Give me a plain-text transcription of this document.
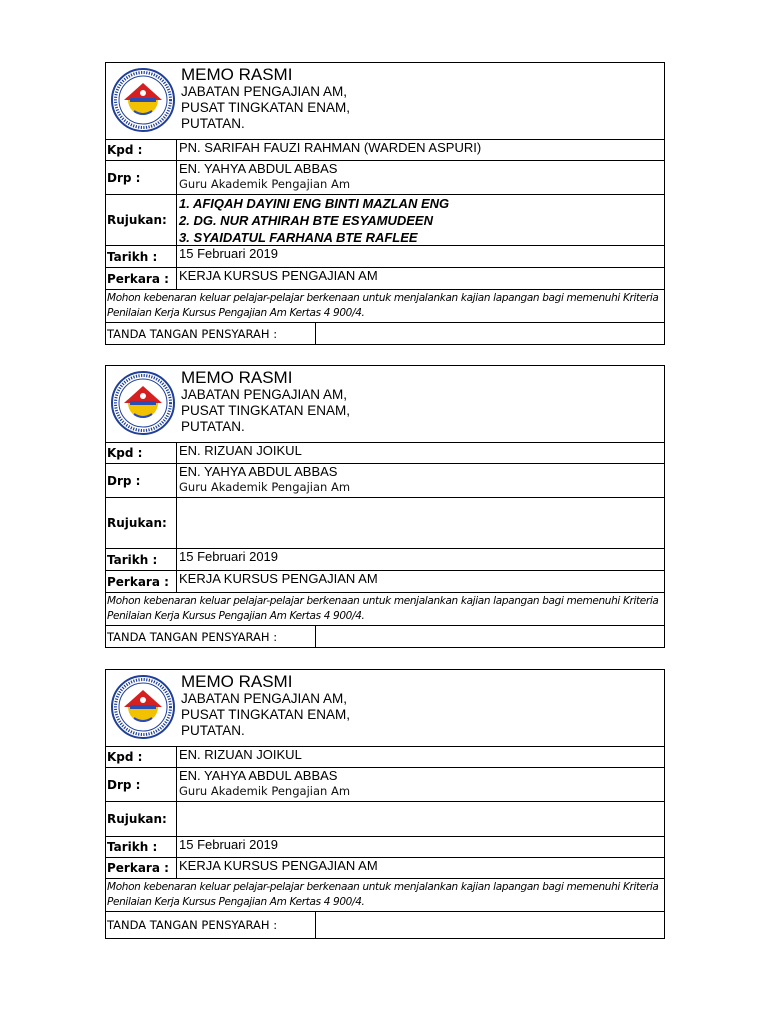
MEMO RASMI
JABATAN PENGAJIAN AM,
PUSAT TINGKATAN ENAM,
PUTATAN.
Kpd :	PN. SARIFAH FAUZI RAHMAN (WARDEN ASPURI)
Drp :
EN. YAHYA ABDUL ABBAS
Guru Akademik Pengajian Am
Rujukan:
1. AFIQAH DAYINI ENG BINTI MAZLAN ENG
2. DG. NUR ATHIRAH BTE ESYAMUDEEN
3. SYAIDATUL FARHANA BTE RAFLEE
Tarikh :	15 Februari 2019
Perkara : KERJA KURSUS PENGAJIAN AM
Mohon kebenaran keluar pelajar-pelajar berkenaan untuk menjalankan kajian lapangan bagi memenuhi Kriteria Penilaian Kerja Kursus Pengajian Am Kertas 4 900/4.
TANDA TANGAN PENSYARAH :
MEMO RASMI
JABATAN PENGAJIAN AM,
PUSAT TINGKATAN ENAM,
PUTATAN.
Kpd :	EN. RIZUAN JOIKUL
Drp :
EN. YAHYA ABDUL ABBAS
Guru Akademik Pengajian Am
Rujukan:
Tarikh :	15 Februari 2019
Perkara : KERJA KURSUS PENGAJIAN AM
Mohon kebenaran keluar pelajar-pelajar berkenaan untuk menjalankan kajian lapangan bagi memenuhi Kriteria Penilaian Kerja Kursus Pengajian Am Kertas 4 900/4.
TANDA TANGAN PENSYARAH :
MEMO RASMI
JABATAN PENGAJIAN AM,
PUSAT TINGKATAN ENAM,
PUTATAN.
Kpd :	EN. RIZUAN JOIKUL
Drp :
EN. YAHYA ABDUL ABBAS
Guru Akademik Pengajian Am
Rujukan:
Tarikh :	15 Februari 2019
Perkara : KERJA KURSUS PENGAJIAN AM
Mohon kebenaran keluar pelajar-pelajar berkenaan untuk menjalankan kajian lapangan bagi memenuhi Kriteria Penilaian Kerja Kursus Pengajian Am Kertas 4 900/4.
TANDA TANGAN PENSYARAH :
